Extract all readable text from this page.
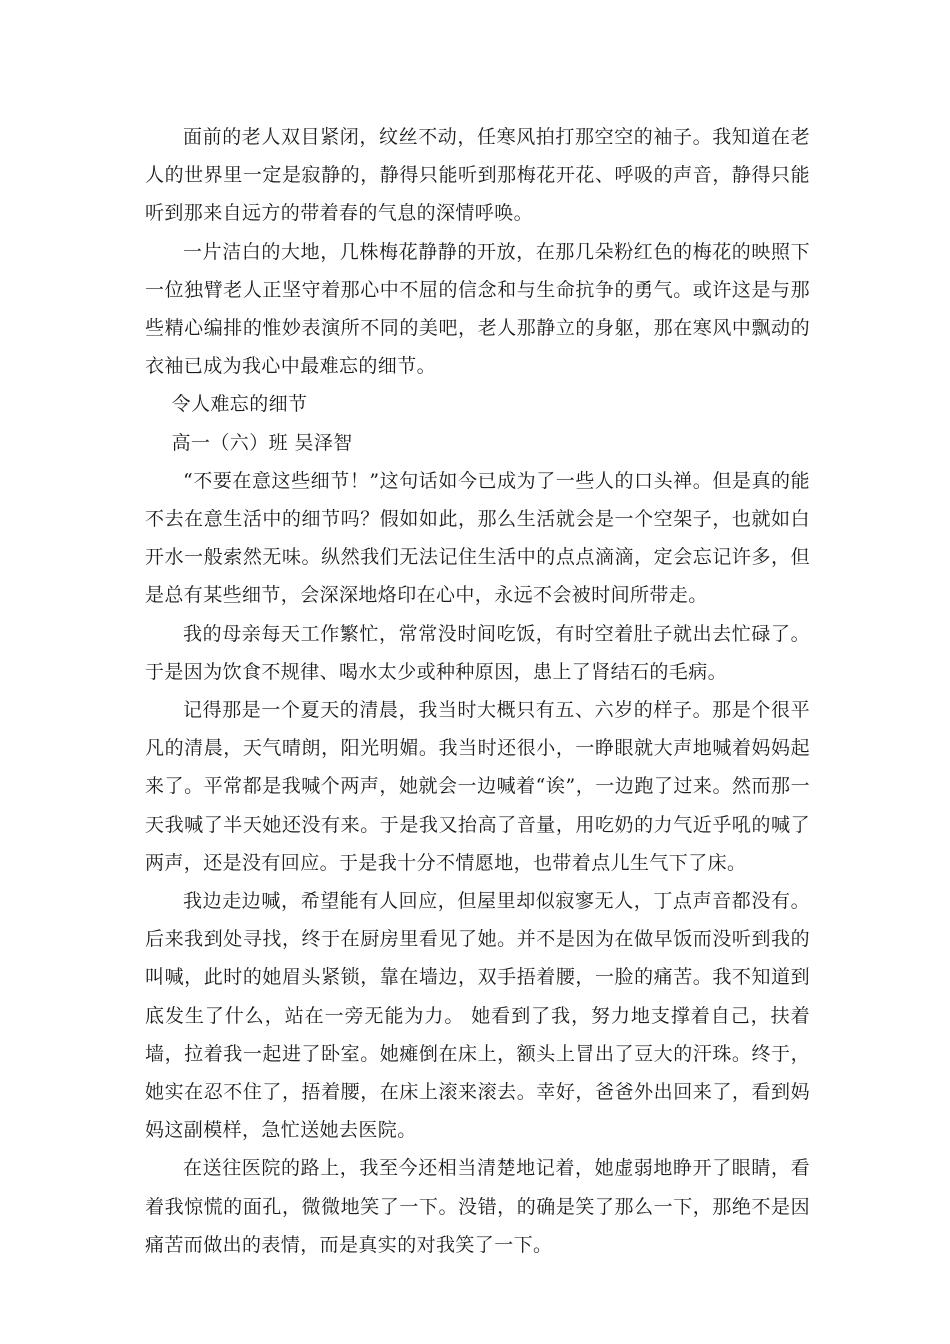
面前的老人双目紧闭，纹丝不动，任寒风拍打那空空的袖子。我知道在老人的世界里一定是寂静的，静得只能听到那梅花开花、呼吸的声音，静得只能听到那来自远方的带着春的气息的深情呼唤。

一片洁白的大地，几株梅花静静的开放，在那几朵粉红色的梅花的映照下一位独臂老人正坚守着那心中不屈的信念和与生命抗争的勇气。或许这是与那些精心编排的惟妙表演所不同的美吧，老人那静立的身躯，那在寒风中飘动的衣袖已成为我心中最难忘的细节。

令人难忘的细节

高一（六）班 吴泽智

“不要在意这些细节！”这句话如今已成为了一些人的口头禅。但是真的能不去在意生活中的细节吗？假如如此，那么生活就会是一个空架子，也就如白开水一般索然无味。纵然我们无法记住生活中的点点滴滴，定会忘记许多，但是总有某些细节，会深深地烙印在心中，永远不会被时间所带走。

我的母亲每天工作繁忙，常常没时间吃饭，有时空着肚子就出去忙碌了。于是因为饮食不规律、喝水太少或种种原因，患上了肾结石的毛病。

记得那是一个夏天的清晨，我当时大概只有五、六岁的样子。那是个很平凡的清晨，天气晴朗，阳光明媚。我当时还很小，一睁眼就大声地喊着妈妈起来了。平常都是我喊个两声，她就会一边喊着“诶”，一边跑了过来。然而那一天我喊了半天她还没有来。于是我又抬高了音量，用吃奶的力气近乎吼的喊了两声，还是没有回应。于是我十分不情愿地，也带着点儿生气下了床。

我边走边喊，希望能有人回应，但屋里却似寂寥无人，丁点声音都没有。后来我到处寻找，终于在厨房里看见了她。并不是因为在做早饭而没听到我的叫喊，此时的她眉头紧锁，靠在墙边，双手捂着腰，一脸的痛苦。我不知道到底发生了什么，站在一旁无能为力。 她看到了我，努力地支撑着自己，扶着墙，拉着我一起进了卧室。她瘫倒在床上，额头上冒出了豆大的汗珠。终于，她实在忍不住了，捂着腰，在床上滚来滚去。幸好，爸爸外出回来了，看到妈妈这副模样，急忙送她去医院。

在送往医院的路上，我至今还相当清楚地记着，她虚弱地睁开了眼睛，看着我惊慌的面孔，微微地笑了一下。没错，的确是笑了那么一下，那绝不是因痛苦而做出的表情，而是真实的对我笑了一下。
